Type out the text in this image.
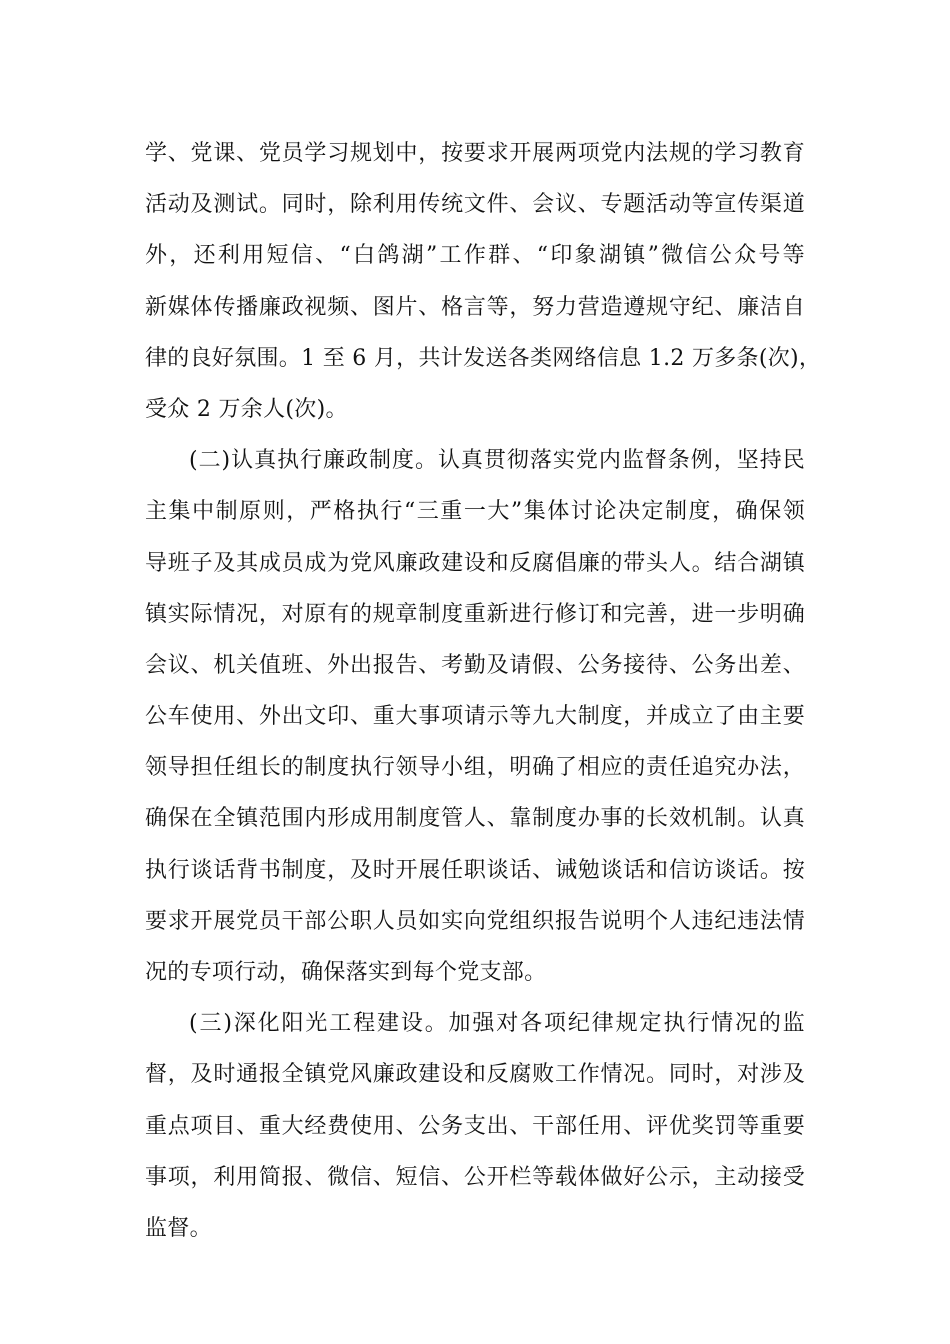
学、党课、党员学习规划中，按要求开展两项党内法规的学习教育
活动及测试。同时，除利用传统文件、会议、专题活动等宣传渠道
外，还利用短信、“白鸽湖”工作群、“印象湖镇”微信公众号等
新媒体传播廉政视频、图片、格言等，努力营造遵规守纪、廉洁自
律的良好氛围。1 至 6 月，共计发送各类网络信息 1.2 万多条(次)，
受众 2 万余人(次)。
(二)认真执行廉政制度。认真贯彻落实党内监督条例，坚持民
主集中制原则，严格执行“三重一大”集体讨论决定制度，确保领
导班子及其成员成为党风廉政建设和反腐倡廉的带头人。结合湖镇
镇实际情况，对原有的规章制度重新进行修订和完善，进一步明确
会议、机关值班、外出报告、考勤及请假、公务接待、公务出差、
公车使用、外出文印、重大事项请示等九大制度，并成立了由主要
领导担任组长的制度执行领导小组，明确了相应的责任追究办法，
确保在全镇范围内形成用制度管人、靠制度办事的长效机制。认真
执行谈话背书制度，及时开展任职谈话、诫勉谈话和信访谈话。按
要求开展党员干部公职人员如实向党组织报告说明个人违纪违法情
况的专项行动，确保落实到每个党支部。
(三)深化阳光工程建设。加强对各项纪律规定执行情况的监
督，及时通报全镇党风廉政建设和反腐败工作情况。同时，对涉及
重点项目、重大经费使用、公务支出、干部任用、评优奖罚等重要
事项，利用简报、微信、短信、公开栏等载体做好公示，主动接受
监督。
